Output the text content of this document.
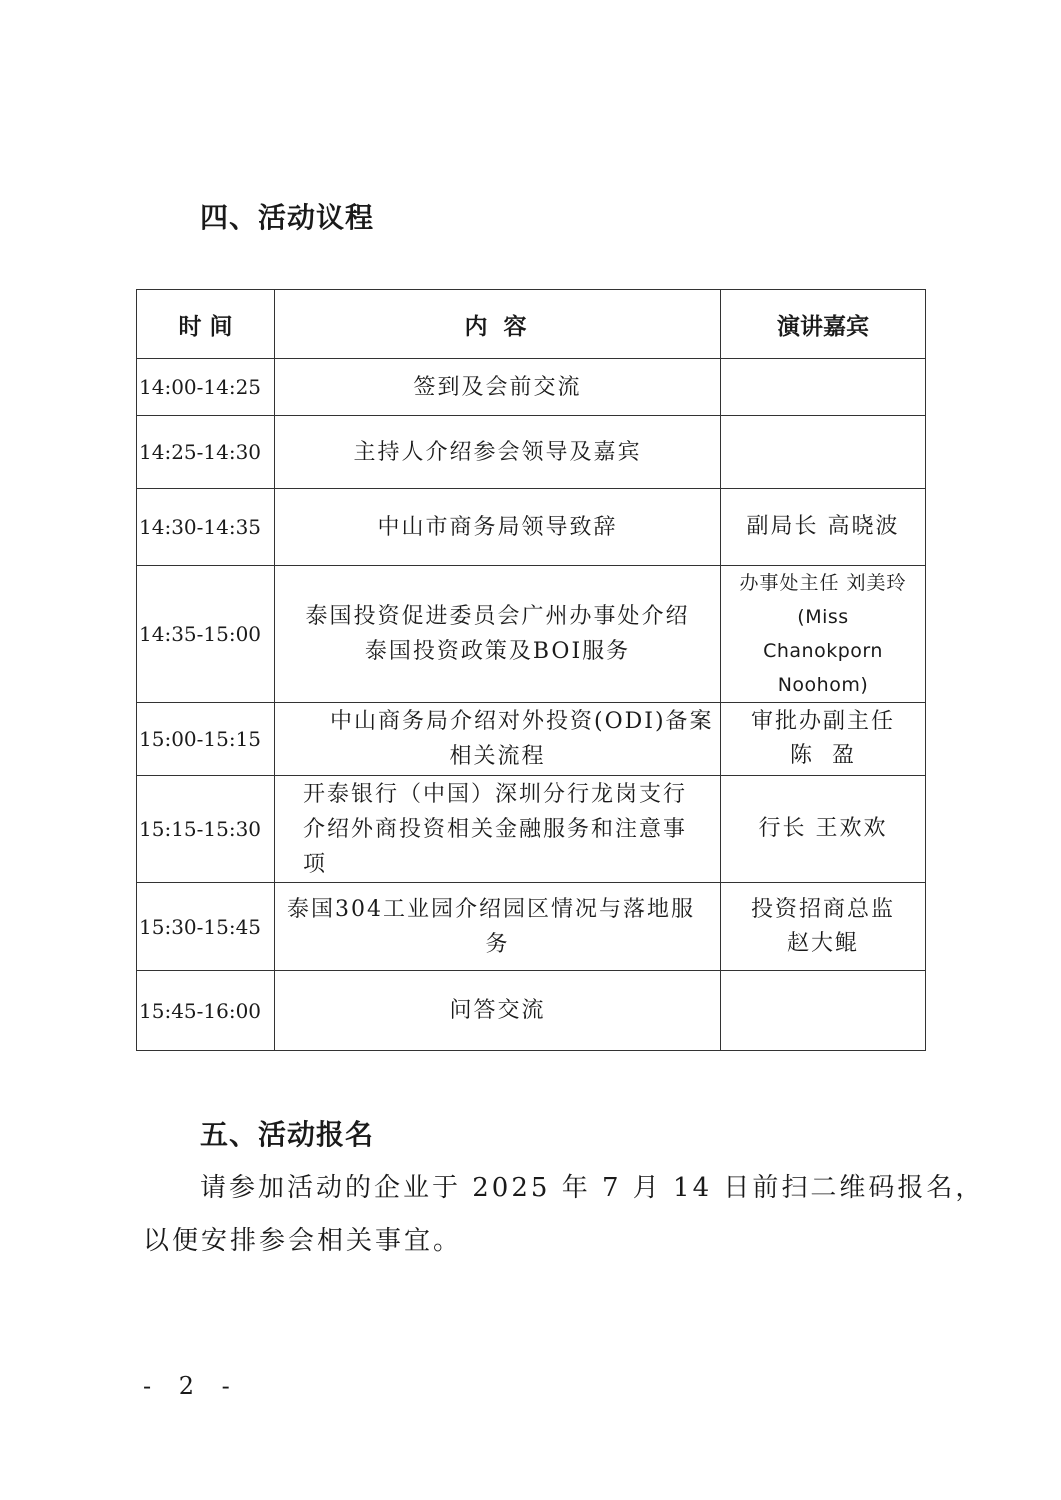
四、活动议程
时 间	内 容	演讲嘉宾
14:00-14:25	签到及会前交流	

14:25-14:30	主持人介绍参会领导及嘉宾	

14:30-14:35	中山市商务局领导致辞	副局长 高晓波

14:35-15:00	泰国投资促进委员会广州办事处介绍
泰国投资政策及BOI服务	办事处主任 刘美玲
(Miss
Chanokporn
Noohom)

15:00-15:15	中山商务局介绍对外投资(ODI)备案
相关流程	审批办副主任
陈  盈

15:15-15:30	开泰银行（中国）深圳分行龙岗支行
介绍外商投资相关金融服务和注意事
项	行长 王欢欢

15:30-15:45	泰国304工业园介绍园区情况与落地服
务	投资招商总监
赵大鲲

15:45-16:00	问答交流	

五、活动报名

请参加活动的企业于 2025 年 7 月 14 日前扫二维码报名，

以便安排参会相关事宜。

- 2 -
